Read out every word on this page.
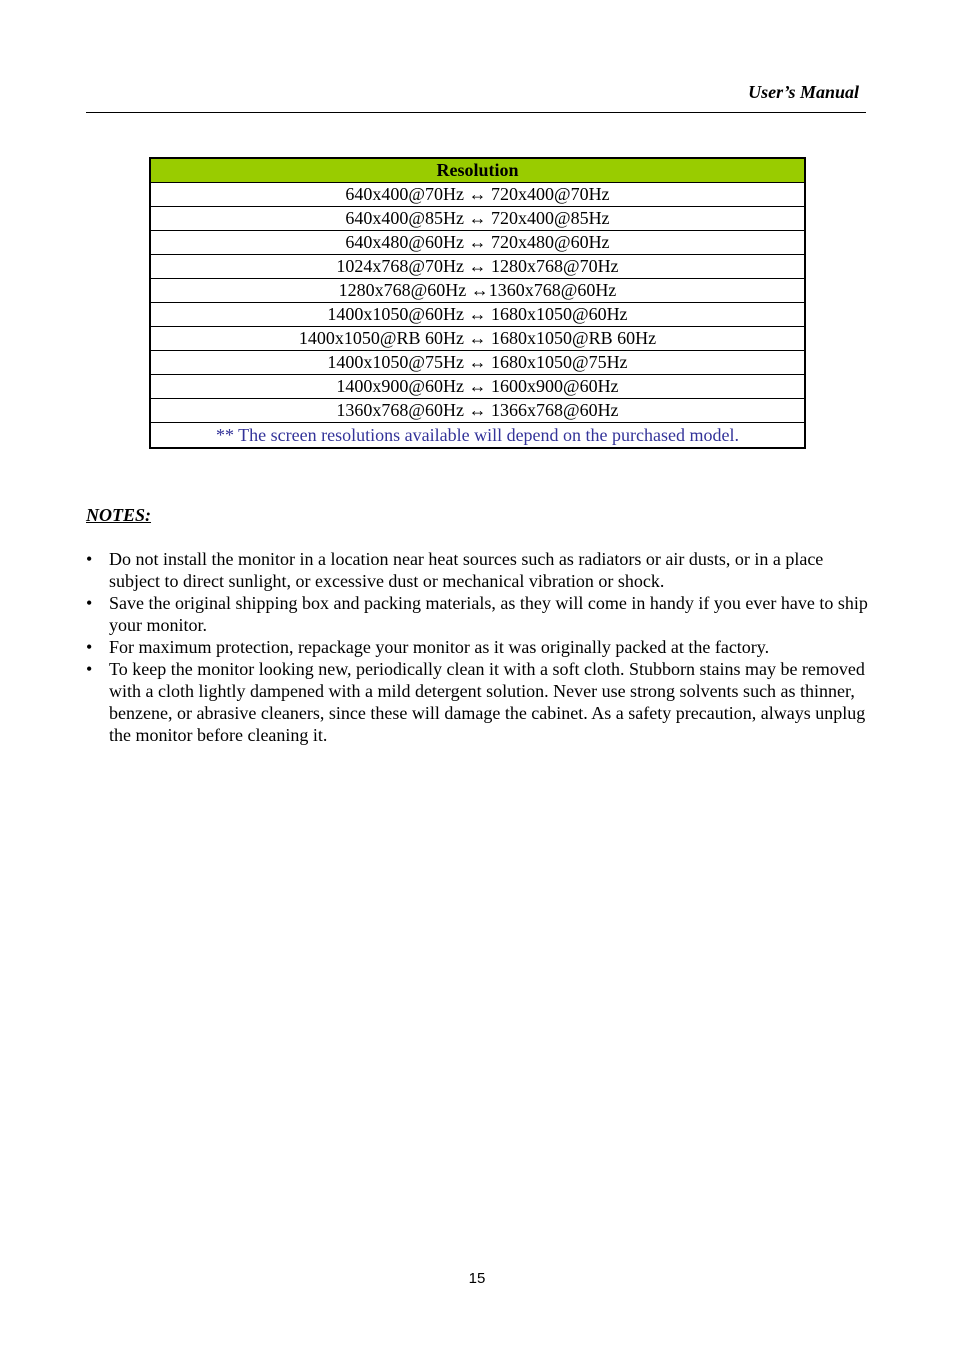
User’s Manual
Resolution
640x400@70Hz ↔ 720x400@70Hz
640x400@85Hz ↔ 720x400@85Hz
640x480@60Hz ↔ 720x480@60Hz
1024x768@70Hz ↔ 1280x768@70Hz
1280x768@60Hz ↔1360x768@60Hz
1400x1050@60Hz ↔ 1680x1050@60Hz
1400x1050@RB 60Hz ↔ 1680x1050@RB 60Hz
1400x1050@75Hz ↔ 1680x1050@75Hz
1400x900@60Hz ↔ 1600x900@60Hz
1360x768@60Hz ↔ 1366x768@60Hz
** The screen resolutions available will depend on the purchased model.
NOTES:
• Do not install the monitor in a location near heat sources such as radiators or air dusts, or in a place subject to direct sunlight, or excessive dust or mechanical vibration or shock.
• Save the original shipping box and packing materials, as they will come in handy if you ever have to ship your monitor.
• For maximum protection, repackage your monitor as it was originally packed at the factory.
• To keep the monitor looking new, periodically clean it with a soft cloth. Stubborn stains may be removed with a cloth lightly dampened with a mild detergent solution. Never use strong solvents such as thinner, benzene, or abrasive cleaners, since these will damage the cabinet. As a safety precaution, always unplug the monitor before cleaning it.
15
